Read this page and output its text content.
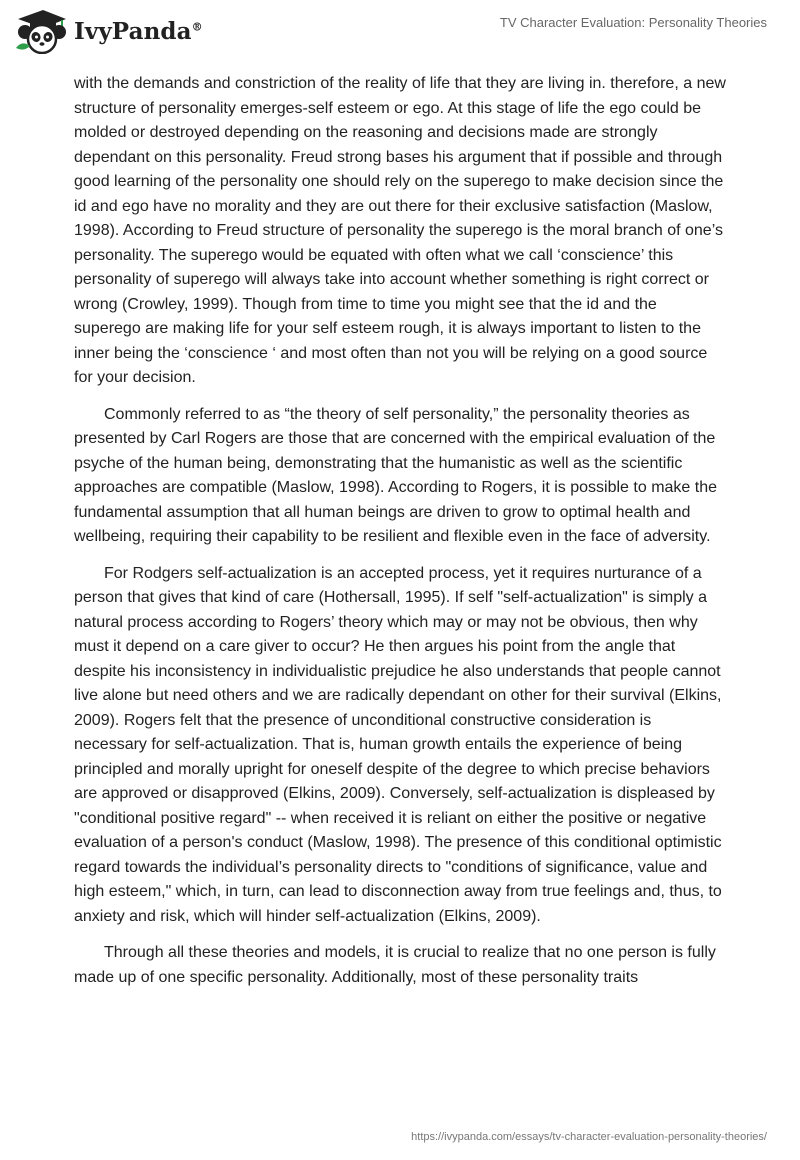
IvyPanda®	TV Character Evaluation: Personality Theories

with the demands and constriction of the reality of life that they are living in. therefore, a new structure of personality emerges-self esteem or ego. At this stage of life the ego could be molded or destroyed depending on the reasoning and decisions made are strongly dependant on this personality. Freud strong bases his argument that if possible and through good learning of the personality one should rely on the superego to make decision since the id and ego have no morality and they are out there for their exclusive satisfaction (Maslow, 1998). According to Freud structure of personality the superego is the moral branch of one’s personality. The superego would be equated with often what we call ‘conscience’ this personality of superego will always take into account whether something is right correct or wrong (Crowley, 1999). Though from time to time you might see that the id and the superego are making life for your self esteem rough, it is always important to listen to the inner being the ‘conscience ‘ and most often than not you will be relying on a good source for your decision.

Commonly referred to as “the theory of self personality,” the personality theories as presented by Carl Rogers are those that are concerned with the empirical evaluation of the psyche of the human being, demonstrating that the humanistic as well as the scientific approaches are compatible (Maslow, 1998). According to Rogers, it is possible to make the fundamental assumption that all human beings are driven to grow to optimal health and wellbeing, requiring their capability to be resilient and flexible even in the face of adversity.

For Rodgers self-actualization is an accepted process, yet it requires nurturance of a person that gives that kind of care (Hothersall, 1995). If self "self-actualization" is simply a natural process according to Rogers’ theory which may or may not be obvious, then why must it depend on a care giver to occur? He then argues his point from the angle that despite his inconsistency in individualistic prejudice he also understands that people cannot live alone but need others and we are radically dependant on other for their survival (Elkins, 2009). Rogers felt that the presence of unconditional constructive consideration is necessary for self-actualization. That is, human growth entails the experience of being principled and morally upright for oneself despite of the degree to which precise behaviors are approved or disapproved (Elkins, 2009). Conversely, self-actualization is displeased by "conditional positive regard" -- when received it is reliant on either the positive or negative evaluation of a person's conduct (Maslow, 1998). The presence of this conditional optimistic regard towards the individual’s personality directs to "conditions of significance, value and high esteem," which, in turn, can lead to disconnection away from true feelings and, thus, to anxiety and risk, which will hinder self-actualization (Elkins, 2009).

Through all these theories and models, it is crucial to realize that no one person is fully made up of one specific personality. Additionally, most of these personality traits

https://ivypanda.com/essays/tv-character-evaluation-personality-theories/
